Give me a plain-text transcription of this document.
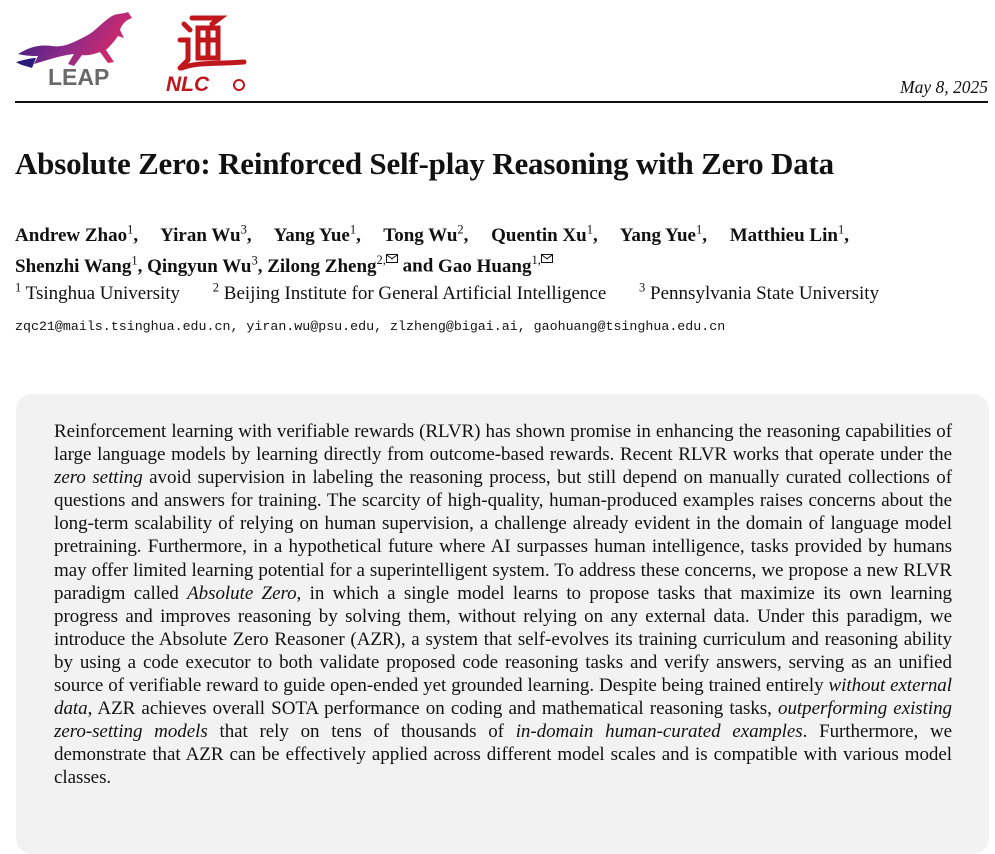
LEAP	NLC	May 8, 2025
Absolute Zero: Reinforced Self-play Reasoning with Zero Data
Andrew Zhao$^1$, Yiran Wu$^3$, Yang Yue$^1$, Tong Wu$^2$, Quentin Xu$^1$, Yang Yue$^1$, Matthieu Lin$^1$,
Shenzhi Wang$^1$, Qingyun Wu$^3$, Zilong Zheng$^{2,}$ and Gao Huang$^{1,}$
$^1$ Tsinghua University	$^2$ Beijing Institute for General Artificial Intelligence	$^3$ Pennsylvania State University
zqc21@mails.tsinghua.edu.cn, yiran.wu@psu.edu, zlzheng@bigai.ai, gaohuang@tsinghua.edu.cn

Reinforcement learning with verifiable rewards (RLVR) has shown promise in enhancing the reasoning capabilities of large language models by learning directly from outcome-based rewards. Recent RLVR works that operate under the zero setting avoid supervision in labeling the reasoning process, but still depend on manually curated collections of questions and answers for training. The scarcity of high-quality, human-produced examples raises concerns about the long-term scalability of relying on human supervision, a challenge already evident in the domain of language model pretraining. Furthermore, in a hypothetical future where AI surpasses human intelligence, tasks provided by humans may offer limited learning potential for a superintelligent system. To address these concerns, we propose a new RLVR paradigm called Absolute Zero, in which a single model learns to propose tasks that maximize its own learning progress and improves reasoning by solving them, without relying on any external data. Under this paradigm, we introduce the Absolute Zero Reasoner (AZR), a system that self-evolves its training curriculum and reasoning ability by using a code executor to both validate proposed code reasoning tasks and verify answers, serving as an unified source of verifiable reward to guide open-ended yet grounded learning. Despite being trained entirely without external data, AZR achieves overall SOTA performance on coding and mathematical reasoning tasks, outperforming existing zero-setting models that rely on tens of thousands of in-domain human-curated examples. Furthermore, we demonstrate that AZR can be effectively applied across different model scales and is compatible with various model classes.
